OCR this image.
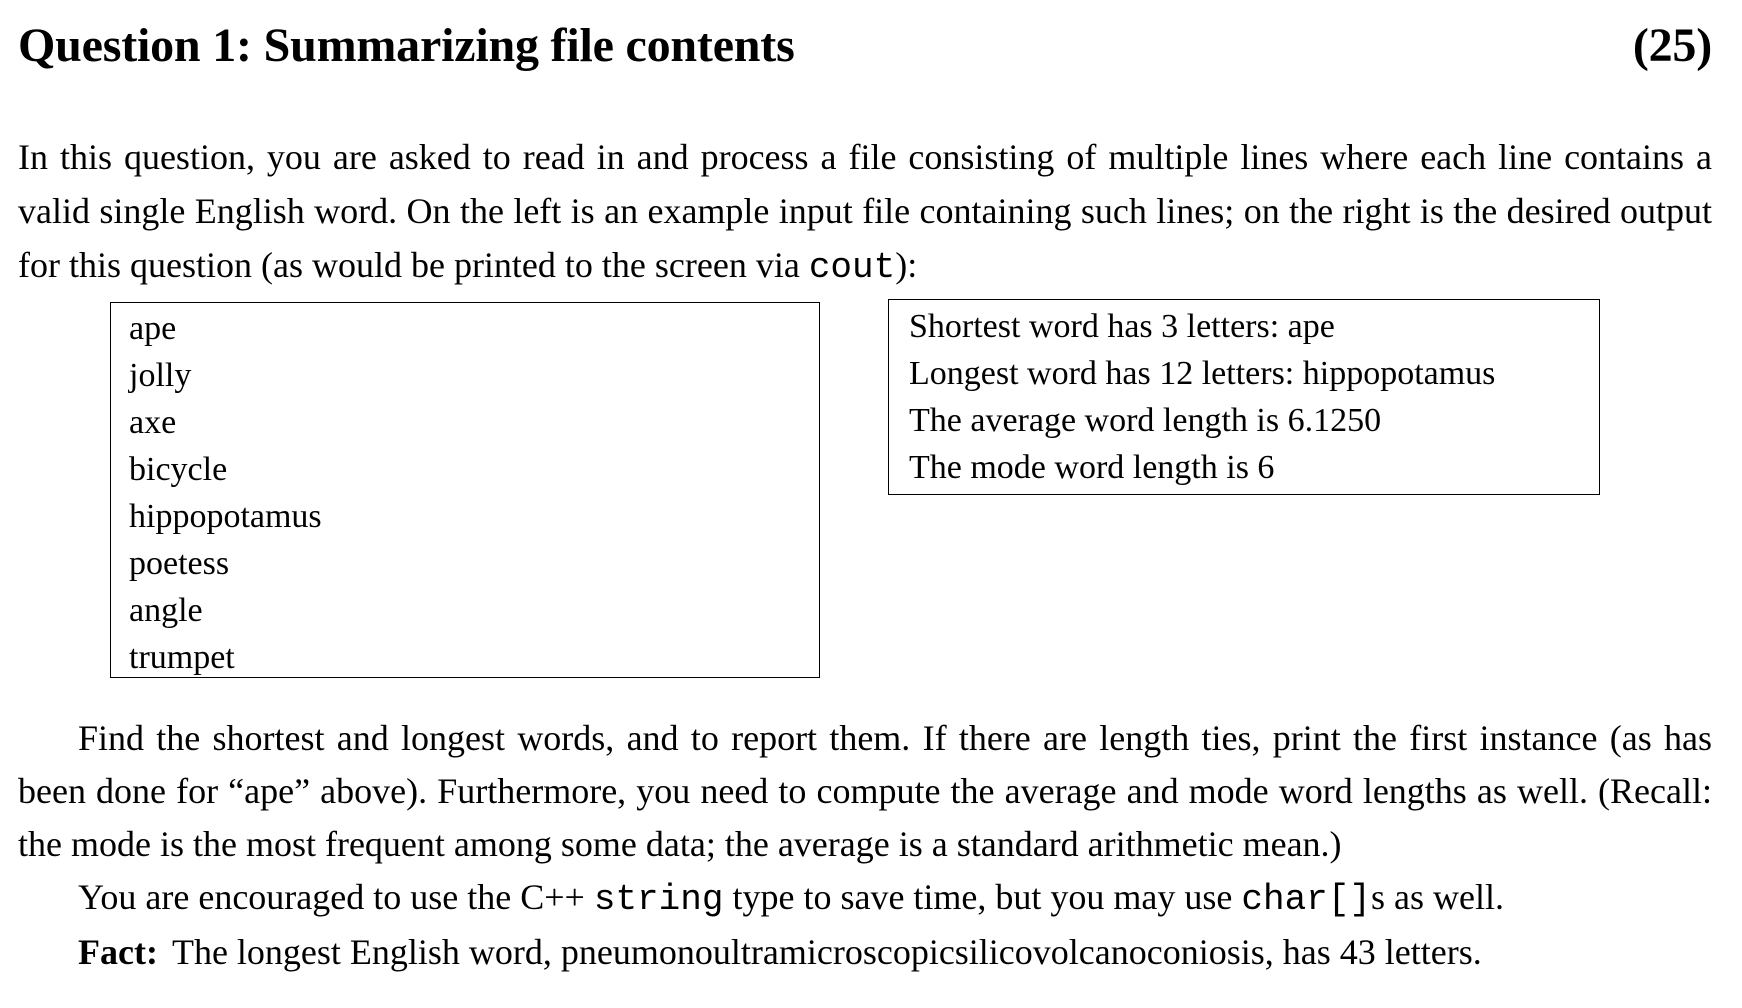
Question 1: Summarizing file contents	(25)
In this question, you are asked to read in and process a file consisting of multiple lines where each line contains a valid single English word. On the left is an example input file containing such lines; on the right is the desired output for this question (as would be printed to the screen via cout):
ape
jolly
axe
bicycle
hippopotamus
poetess
angle
trumpet
Shortest word has 3 letters: ape
Longest word has 12 letters: hippopotamus
The average word length is 6.1250
The mode word length is 6

Find the shortest and longest words, and to report them. If there are length ties, print the first instance (as has been done for “ape” above). Furthermore, you need to compute the average and mode word lengths as well. (Recall: the mode is the most frequent among some data; the average is a standard arithmetic mean.)

You are encouraged to use the C++ string type to save time, but you may use char[]s as well.

Fact: The longest English word, pneumonoultramicroscopicsilicovolcanoconiosis, has 43 letters.
